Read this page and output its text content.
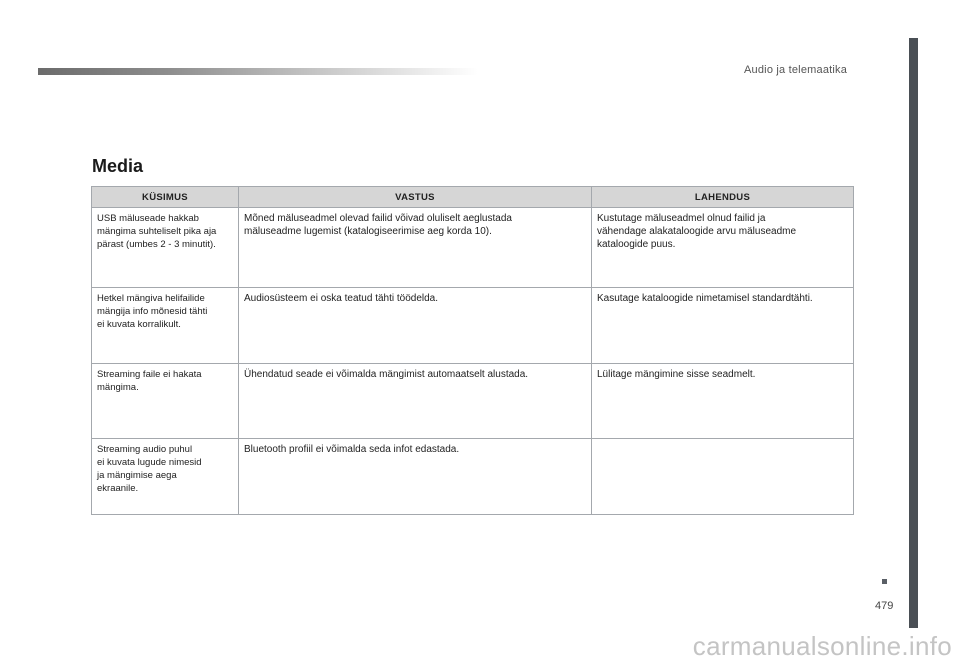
Audio ja telemaatika
479
Media
KÜSIMUS	VASTUS	LAHENDUS
USB mäluseade hakkab
mängima suhteliselt pika aja
pärast (umbes 2 - 3 minutit).	Mõned mäluseadmel olevad failid võivad oluliselt aeglustada
mäluseadme lugemist (katalogiseerimise aeg korda 10).	Kustutage mäluseadmel olnud failid ja
vähendage alakataloogide arvu mäluseadme
kataloogide puus.
Hetkel mängiva helifailide
mängija info mõnesid tähti
ei kuvata korralikult.	Audiosüsteem ei oska teatud tähti töödelda.	Kasutage kataloogide nimetamisel standardtähti.
Streaming faile ei hakata
mängima.	Ühendatud seade ei võimalda mängimist automaatselt alustada.	Lülitage mängimine sisse seadmelt.
Streaming audio puhul
ei kuvata lugude nimesid
ja mängimise aega
ekraanile.	Bluetooth profiil ei võimalda seda infot edastada.	
carmanualsonline.info
